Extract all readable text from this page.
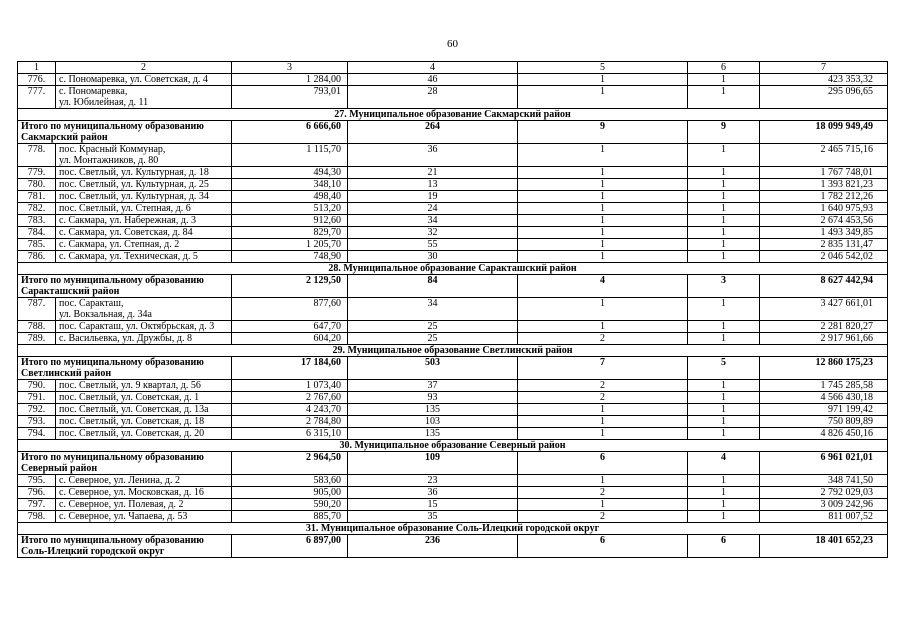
60
1	2	3	4	5	6	7
776.	с. Пономаревка, ул. Советская, д. 4	1 284,00	46	1	1	423 353,32
777.	с. Пономаревка,
ул. Юбилейная, д. 11	793,01	28	1	1	295 096,65
27. Муниципальное образование Сакмарский район						
Итого по муниципальному образованию
Сакмарский район		6 666,60	264	9	9	18 099 949,49
778.	пос. Красный Коммунар,
ул. Монтажников, д. 80	1 115,70	36	1	1	2 465 715,16
779.	пос. Светлый, ул. Культурная, д. 18	494,30	21	1	1	1 767 748,01
780.	пос. Светлый, ул. Культурная, д. 25	348,10	13	1	1	1 393 821,23
781.	пос. Светлый, ул. Культурная, д. 34	498,40	19	1	1	1 782 212,26
782.	пос. Светлый, ул. Степная, д. 6	513,20	24	1	1	1 640 975,93
783.	с. Сакмара, ул. Набережная, д. 3	912,60	34	1	1	2 674 453,56
784.	с. Сакмара, ул. Советская, д. 84	829,70	32	1	1	1 493 349,85
785.	с. Сакмара, ул. Степная, д. 2	1 205,70	55	1	1	2 835 131,47
786.	с. Сакмара, ул. Техническая, д. 5	748,90	30	1	1	2 046 542,02
28. Муниципальное образование Саракташский район						
Итого по муниципальному образованию
Саракташский район		2 129,50	84	4	3	8 627 442,94
787.	пос. Саракташ,
ул. Вокзальная, д. 34а	877,60	34	1	1	3 427 661,01
788.	пос. Саракташ, ул. Октябрьская, д. 3	647,70	25	1	1	2 281 820,27
789.	с. Васильевка, ул. Дружбы, д. 8	604,20	25	2	1	2 917 961,66
29. Муниципальное образование Светлинский район						
Итого по муниципальному образованию
Светлинский район		17 184,60	503	7	5	12 860 175,23
790.	пос. Светлый, ул. 9 квартал, д. 56	1 073,40	37	2	1	1 745 285,58
791.	пос. Светлый, ул. Советская, д. 1	2 767,60	93	2	1	4 566 430,18
792.	пос. Светлый, ул. Советская, д. 13а	4 243,70	135	1	1	971 199,42
793.	пос. Светлый, ул. Советская, д. 18	2 784,80	103	1	1	750 809,89
794.	пос. Светлый, ул. Советская, д. 20	6 315,10	135	1	1	4 826 450,16
30. Муниципальное образование Северный район						
Итого по муниципальному образованию
Северный район		2 964,50	109	6	4	6 961 021,01
795.	с. Северное, ул. Ленина, д. 2	583,60	23	1	1	348 741,50
796.	с. Северное, ул. Московская, д. 16	905,00	36	2	1	2 792 029,03
797.	с. Северное, ул. Полевая, д. 2	590,20	15	1	1	3 009 242,96
798.	с. Северное, ул. Чапаева, д. 53	885,70	35	2	1	811 007,52
31. Муниципальное образование Соль-Илецкий городской округ						
Итого по муниципальному образованию
Соль-Илецкий городской округ		6 897,00	236	6	6	18 401 652,23
